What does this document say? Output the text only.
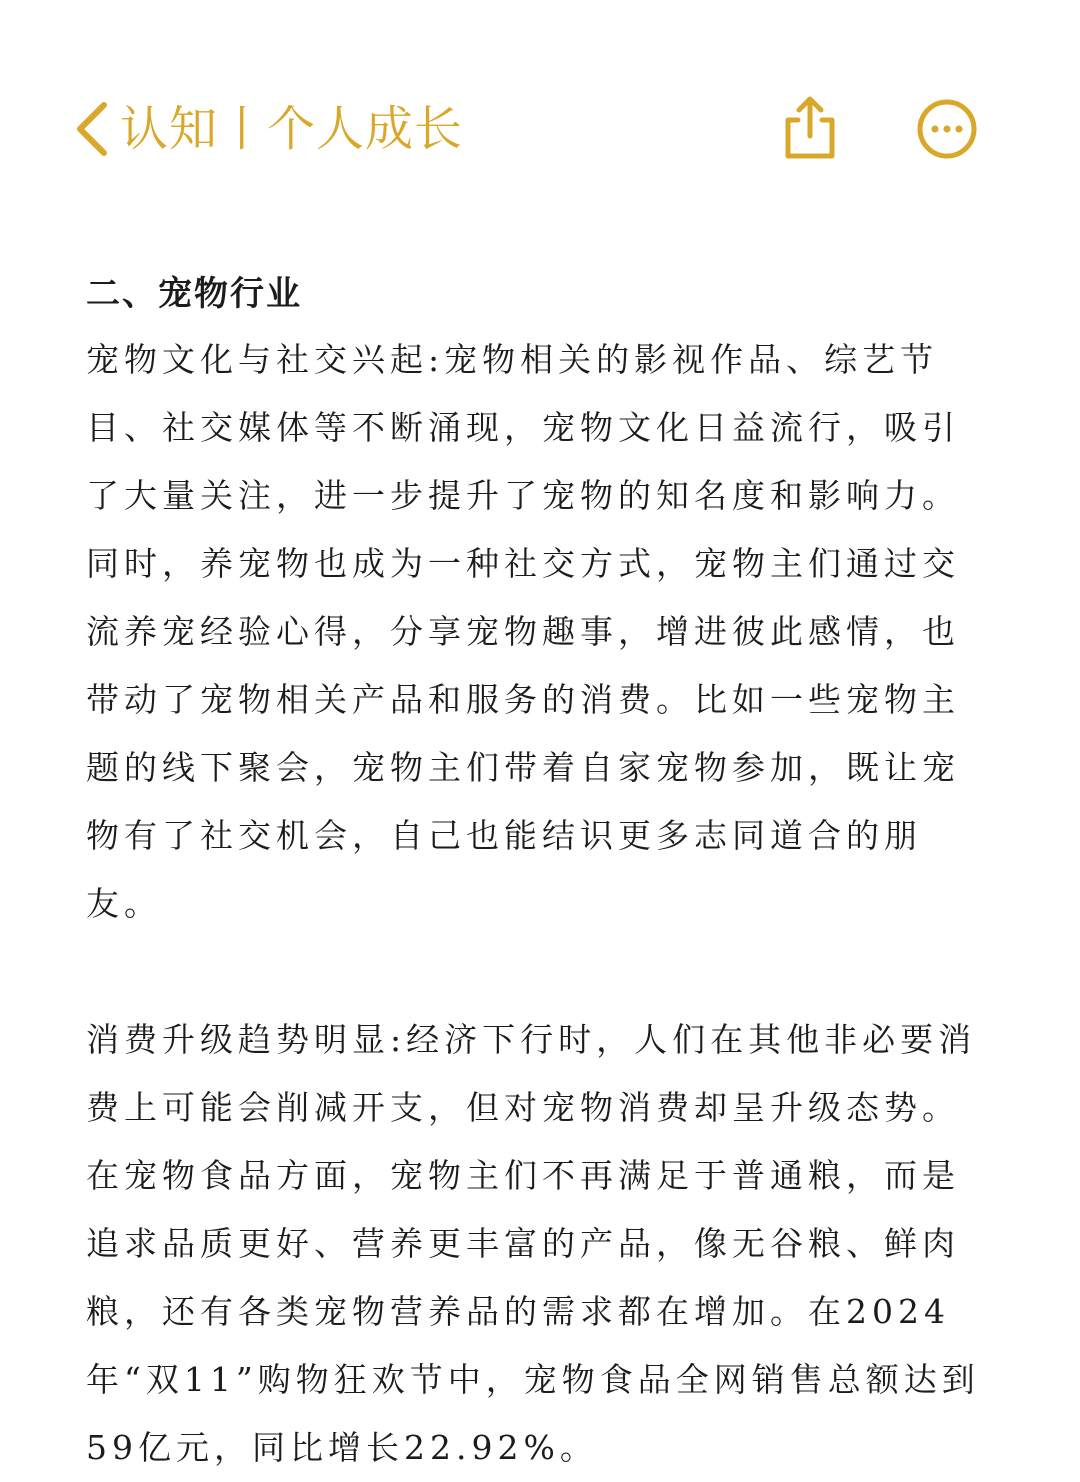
认知丨个人成长

二、宠物行业

宠物文化与社交兴起:宠物相关的影视作品、综艺节目、社交媒体等不断涌现，宠物文化日益流行，吸引了大量关注，进一步提升了宠物的知名度和影响力。

同时，养宠物也成为一种社交方式，宠物主们通过交流养宠经验心得，分享宠物趣事，增进彼此感情，也带动了宠物相关产品和服务的消费。比如一些宠物主题的线下聚会，宠物主们带着自家宠物参加，既让宠物有了社交机会，自己也能结识更多志同道合的朋友。

消费升级趋势明显:经济下行时，人们在其他非必要消费上可能会削减开支，但对宠物消费却呈升级态势。

在宠物食品方面，宠物主们不再满足于普通粮，而是追求品质更好、营养更丰富的产品，像无谷粮、鲜肉粮，还有各类宠物营养品的需求都在增加。在2024年“双11”购物狂欢节中，宠物食品全网销售总额达到 59亿元，同比增长22.92%。
